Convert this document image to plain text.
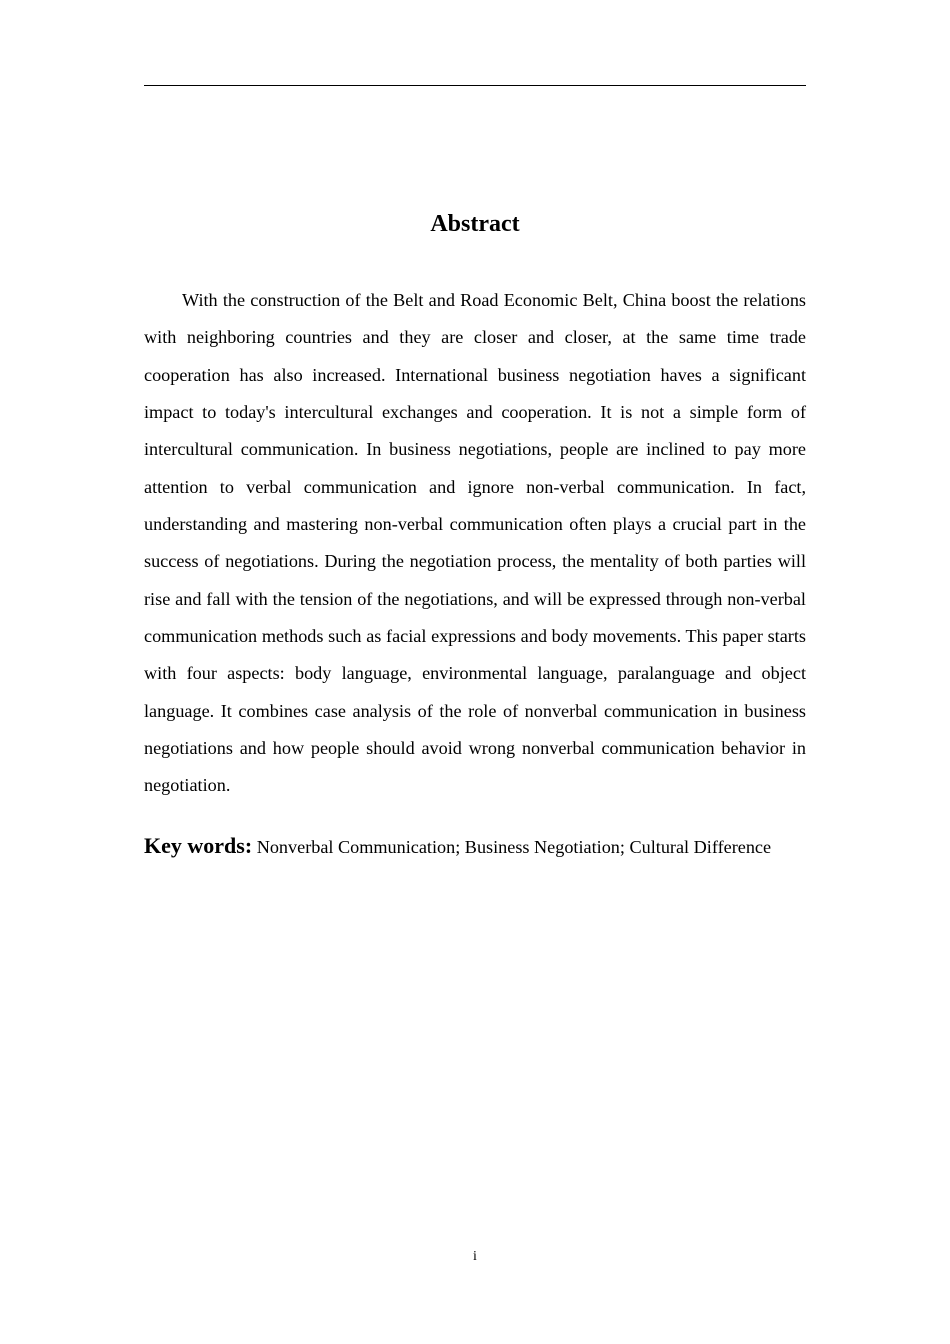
Abstract

With the construction of the Belt and Road Economic Belt, China boost the relations with neighboring countries and they are closer and closer, at the same time trade cooperation has also increased. International business negotiation haves a significant impact to today's intercultural exchanges and cooperation. It is not a simple form of intercultural communication. In business negotiations, people are inclined to pay more attention to verbal communication and ignore non-verbal communication. In fact, understanding and mastering non-verbal communication often plays a crucial part in the success of negotiations. During the negotiation process, the mentality of both parties will rise and fall with the tension of the negotiations, and will be expressed through non-verbal communication methods such as facial expressions and body movements. This paper starts with four aspects: body language, environmental language, paralanguage and object language. It combines case analysis of the role of nonverbal communication in business negotiations and how people should avoid wrong nonverbal communication behavior in negotiation.

Key words: Nonverbal Communication; Business Negotiation; Cultural Difference

i
